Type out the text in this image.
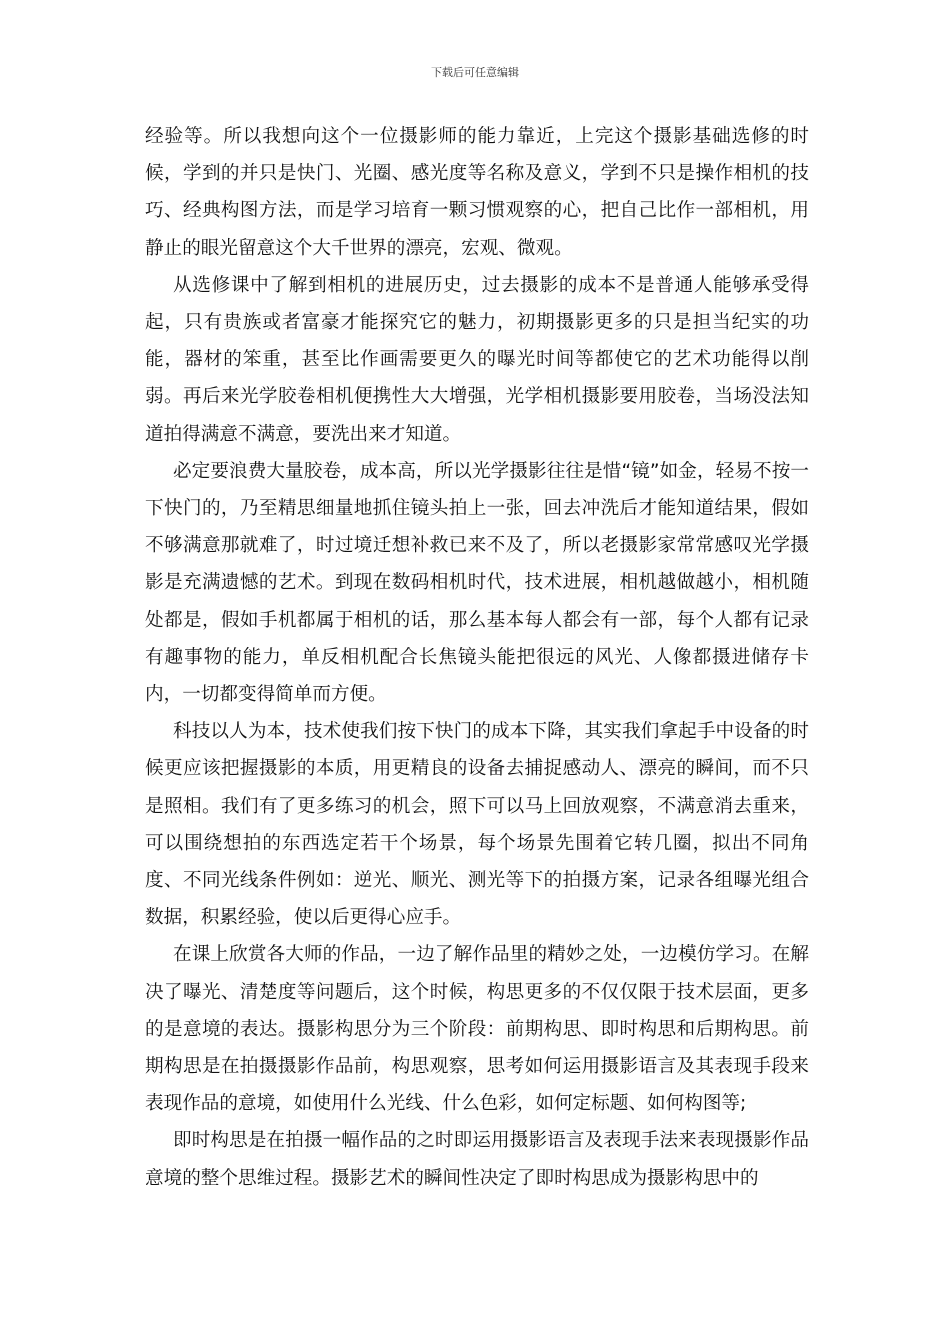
下载后可任意编辑

经验等。所以我想向这个一位摄影师的能力靠近，上完这个摄影基础选修的时候，学到的并只是快门、光圈、感光度等名称及意义，学到不只是操作相机的技巧、经典构图方法，而是学习培育一颗习惯观察的心，把自己比作一部相机，用静止的眼光留意这个大千世界的漂亮，宏观、微观。

从选修课中了解到相机的进展历史，过去摄影的成本不是普通人能够承受得起，只有贵族或者富豪才能探究它的魅力，初期摄影更多的只是担当纪实的功能，器材的笨重，甚至比作画需要更久的曝光时间等都使它的艺术功能得以削弱。再后来光学胶卷相机便携性大大增强，光学相机摄影要用胶卷，当场没法知道拍得满意不满意，要洗出来才知道。

必定要浪费大量胶卷，成本高，所以光学摄影往往是惜“镜”如金，轻易不按一下快门的，乃至精思细量地抓住镜头拍上一张，回去冲洗后才能知道结果，假如不够满意那就难了，时过境迁想补救已来不及了，所以老摄影家常常感叹光学摄影是充满遗憾的艺术。到现在数码相机时代，技术进展，相机越做越小，相机随处都是，假如手机都属于相机的话，那么基本每人都会有一部，每个人都有记录有趣事物的能力，单反相机配合长焦镜头能把很远的风光、人像都摄进储存卡内，一切都变得简单而方便。

科技以人为本，技术使我们按下快门的成本下降，其实我们拿起手中设备的时候更应该把握摄影的本质，用更精良的设备去捕捉感动人、漂亮的瞬间，而不只是照相。我们有了更多练习的机会，照下可以马上回放观察，不满意消去重来，可以围绕想拍的东西选定若干个场景，每个场景先围着它转几圈，拟出不同角度、不同光线条件例如：逆光、顺光、测光等下的拍摄方案，记录各组曝光组合数据，积累经验，使以后更得心应手。

在课上欣赏各大师的作品，一边了解作品里的精妙之处，一边模仿学习。在解决了曝光、清楚度等问题后，这个时候，构思更多的不仅仅限于技术层面，更多的是意境的表达。摄影构思分为三个阶段：前期构思、即时构思和后期构思。前期构思是在拍摄摄影作品前，构思观察，思考如何运用摄影语言及其表现手段来表现作品的意境，如使用什么光线、什么色彩，如何定标题、如何构图等;

即时构思是在拍摄一幅作品的之时即运用摄影语言及表现手法来表现摄影作品意境的整个思维过程。摄影艺术的瞬间性决定了即时构思成为摄影构思中的
